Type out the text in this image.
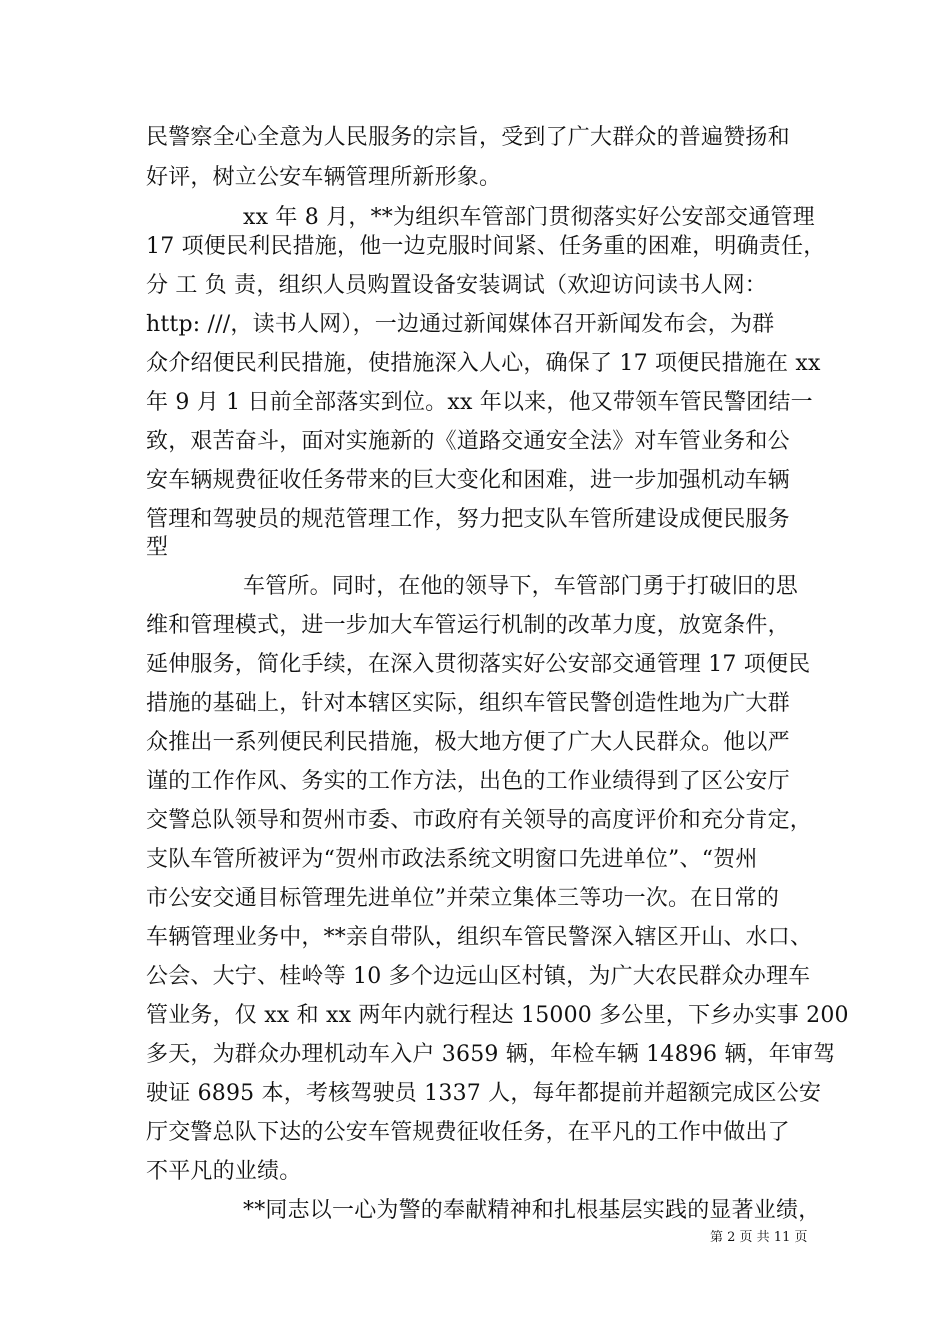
民警察全心全意为人民服务的宗旨，受到了广大群众的普遍赞扬和
好评，树立公安车辆管理所新形象。
xx 年 8 月，**为组织车管部门贯彻落实好公安部交通管理
17 项便民利民措施，他一边克服时间紧、任务重的困难，明确责任，
分 工 负 责，组织人员购置设备安装调试（欢迎访问读书人网：
http: ///，读书人网），一边通过新闻媒体召开新闻发布会，为群
众介绍便民利民措施，使措施深入人心，确保了 17 项便民措施在 xx
年 9 月 1 日前全部落实到位。xx 年以来，他又带领车管民警团结一
致，艰苦奋斗，面对实施新的《道路交通安全法》对车管业务和公
安车辆规费征收任务带来的巨大变化和困难，进一步加强机动车辆
管理和驾驶员的规范管理工作，努力把支队车管所建设成便民服务
型
车管所。同时，在他的领导下，车管部门勇于打破旧的思
维和管理模式，进一步加大车管运行机制的改革力度，放宽条件，
延伸服务，简化手续，在深入贯彻落实好公安部交通管理 17 项便民
措施的基础上，针对本辖区实际，组织车管民警创造性地为广大群
众推出一系列便民利民措施，极大地方便了广大人民群众。他以严
谨的工作作风、务实的工作方法，出色的工作业绩得到了区公安厅
交警总队领导和贺州市委、市政府有关领导的高度评价和充分肯定，
支队车管所被评为“贺州市政法系统文明窗口先进单位”、“贺州
市公安交通目标管理先进单位”并荣立集体三等功一次。在日常的
车辆管理业务中，**亲自带队，组织车管民警深入辖区开山、水口、
公会、大宁、桂岭等 10 多个边远山区村镇，为广大农民群众办理车
管业务，仅 xx 和 xx 两年内就行程达 15000 多公里，下乡办实事 200
多天，为群众办理机动车入户 3659 辆，年检车辆 14896 辆，年审驾
驶证 6895 本，考核驾驶员 1337 人，每年都提前并超额完成区公安
厅交警总队下达的公安车管规费征收任务，在平凡的工作中做出了
不平凡的业绩。
**同志以一心为警的奉献精神和扎根基层实践的显著业绩，
第 2 页 共 11 页
